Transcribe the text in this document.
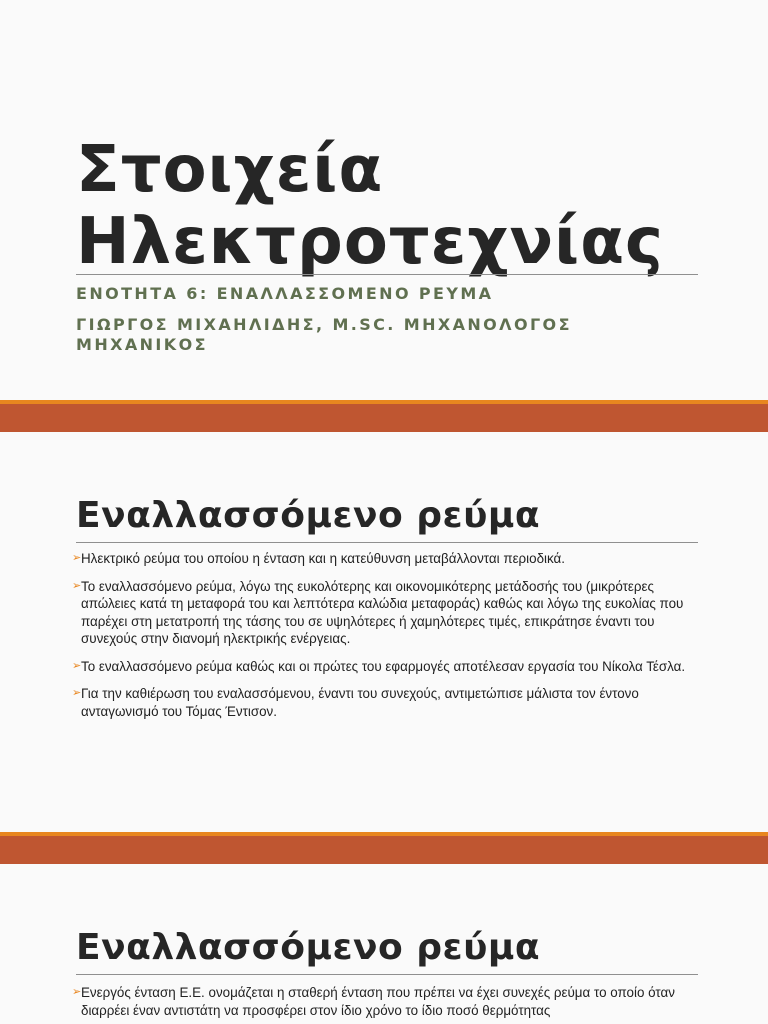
Στοιχεία
Ηλεκτροτεχνίας

ΕΝΟΤΗΤΑ 6: ΕΝΑΛΛΑΣΣΟΜΕΝΟ ΡΕΥΜΑ

ΓΙΩΡΓΟΣ ΜΙΧΑΗΛΙΔΗΣ, M.SC. ΜΗΧΑΝΟΛΟΓΟΣ ΜΗΧΑΝΙΚΟΣ

Εναλλασσόμενο ρεύμα
➢ Ηλεκτρικό ρεύμα του οποίου η ένταση και η κατεύθυνση μεταβάλλονται περιοδικά.
➢ Το εναλλασσόμενο ρεύμα, λόγω της ευκολότερης και οικονομικότερης μετάδοσής του (μικρότερες απώλειες κατά τη μεταφορά του και λεπτότερα καλώδια μεταφοράς) καθώς και λόγω της ευκολίας που παρέχει στη μετατροπή της τάσης του σε υψηλότερες ή χαμηλότερες τιμές, επικράτησε έναντι του συνεχούς στην διανομή ηλεκτρικής ενέργειας.
➢ Το εναλλασσόμενο ρεύμα καθώς και οι πρώτες του εφαρμογές αποτέλεσαν εργασία του Νίκολα Τέσλα.
➢ Για την καθιέρωση του εναλασσόμενου, έναντι του συνεχούς, αντιμετώπισε μάλιστα τον έντονο ανταγωνισμό του Τόμας Έντισον.
Εναλλασσόμενο ρεύμα
➢ Ενεργός ένταση Ε.Ε. ονομάζεται η σταθερή ένταση που πρέπει να έχει συνεχές ρεύμα το οποίο όταν διαρρέει έναν αντιστάτη να προσφέρει στον ίδιο χρόνο το ίδιο ποσό θερμότητας
